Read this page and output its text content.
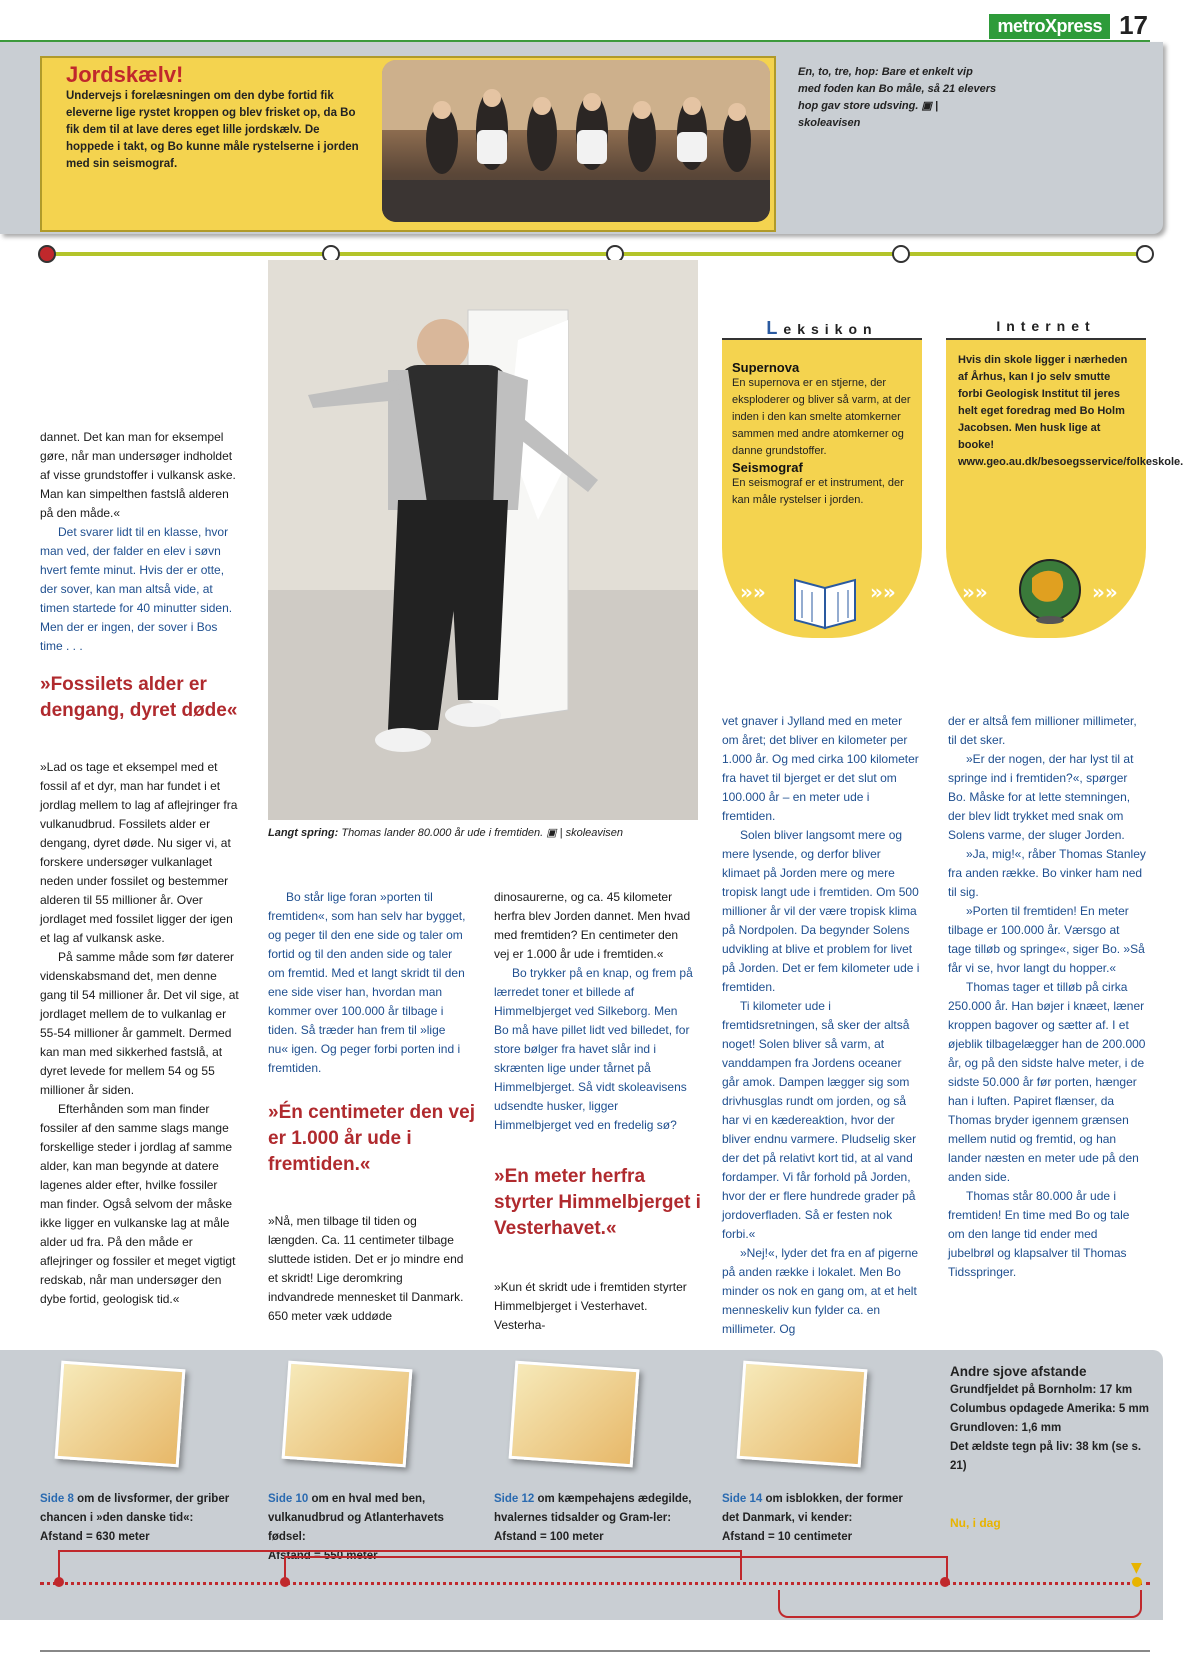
metroXpress 17
Jordskælv!
Undervejs i forelæsningen om den dybe fortid fik eleverne lige rystet kroppen og blev frisket op, da Bo fik dem til at lave deres eget lille jordskælv. De hoppede i takt, og Bo kunne måle rystelserne i jorden med sin seismograf.
En, to, tre, hop: Bare et enkelt vip med foden kan Bo måle, så 21 elevers hop gav store udsving. ▣ | skoleavisen
Langt spring: Thomas lander 80.000 år ude i fremtiden. ▣ | skoleavisen

dannet. Det kan man for eksempel gøre, når man undersøger indholdet af visse grundstoffer i vulkansk aske. Man kan simpelthen fastslå alderen på den måde.«

Det svarer lidt til en klasse, hvor man ved, der falder en elev i søvn hvert femte minut. Hvis der er otte, der sover, kan man altså vide, at timen startede for 40 minutter siden. Men der er ingen, der sover i Bos time . . .

»Fossilets alder er dengang, dyret døde«

»Lad os tage et eksempel med et fossil af et dyr, man har fundet i et jordlag mellem to lag af aflejringer fra vulkanudbrud. Fossilets alder er dengang, dyret døde. Nu siger vi, at forskere undersøger vulkanlaget neden under fossilet og bestemmer alderen til 55 millioner år. Over jordlaget med fossilet ligger der igen et lag af vulkansk aske.

På samme måde som før daterer videnskabsmand det, men denne gang til 54 millioner år. Det vil sige, at jordlaget mellem de to vulkanlag er 55-54 millioner år gammelt. Dermed kan man med sikkerhed fastslå, at dyret levede for mellem 54 og 55 millioner år siden.

Efterhånden som man finder fossiler af den samme slags mange forskellige steder i jordlag af samme alder, kan man begynde at datere lagenes alder efter, hvilke fossiler man finder. Også selvom der måske ikke ligger en vulkanske lag at måle alder ud fra. På den måde er aflejringer og fossiler et meget vigtigt redskab, når man undersøger den dybe fortid, geologisk tid.«

Bo står lige foran »porten til fremtiden«, som han selv har bygget, og peger til den ene side og taler om fortid og til den anden side og taler om fremtid. Med et langt skridt til den ene side viser han, hvordan man kommer over 100.000 år tilbage i tiden. Så træder han frem til »lige nu« igen. Og peger forbi porten ind i fremtiden.

»Én centimeter den vej er 1.000 år ude i fremtiden.«

»Nå, men tilbage til tiden og længden. Ca. 11 centimeter tilbage sluttede istiden. Det er jo mindre end et skridt! Lige deromkring indvandrede mennesket til Danmark. 650 meter væk uddøde

dinosaurerne, og ca. 45 kilometer herfra blev Jorden dannet. Men hvad med fremtiden? En centimeter den vej er 1.000 år ude i fremtiden.«

Bo trykker på en knap, og frem på lærredet toner et billede af Himmelbjerget ved Silkeborg. Men Bo må have pillet lidt ved billedet, for store bølger fra havet slår ind i skrænten lige under tårnet på Himmelbjerget. Så vidt skoleavisens udsendte husker, ligger Himmelbjerget ved en fredelig sø?

»En meter herfra styrter Himmelbjerget i Vesterhavet.«

»Kun ét skridt ude i fremtiden styrter Himmelbjerget i Vesterhavet. Vesterha-

Leksikon
Supernova
En supernova er en stjerne, der eksploderer og bliver så varm, at der inden i den kan smelte atomkerner sammen med andre atomkerner og danne grundstoffer.
Seismograf
En seismograf er et instrument, der kan måle rystelser i jorden.
»»	»»
Internet
Hvis din skole ligger i nærheden af Århus, kan I jo selv smutte forbi Geologisk Institut til jeres helt eget foredrag med Bo Holm Jacobsen. Men husk lige at booke! www.geo.au.dk/besoegsservice/folkeskole.
»»	»»

vet gnaver i Jylland med en meter om året; det bliver en kilometer per 1.000 år. Og med cirka 100 kilometer fra havet til bjerget er det slut om 100.000 år – en meter ude i fremtiden.

Solen bliver langsomt mere og mere lysende, og derfor bliver klimaet på Jorden mere og mere tropisk langt ude i fremtiden. Om 500 millioner år vil der være tropisk klima på Nordpolen. Da begynder Solens udvikling at blive et problem for livet på Jorden. Det er fem kilometer ude i fremtiden.

Ti kilometer ude i fremtidsretningen, så sker der altså noget! Solen bliver så varm, at vanddampen fra Jordens oceaner går amok. Dampen lægger sig som drivhusglas rundt om jorden, og så har vi en kædereaktion, hvor der bliver endnu varmere. Pludselig sker der det på relativt kort tid, at al vand fordamper. Vi får forhold på Jorden, hvor der er flere hundrede grader på jordoverfladen. Så er festen nok forbi.«

»Nej!«, lyder det fra en af pigerne på anden række i lokalet. Men Bo minder os nok en gang om, at et helt menneskeliv kun fylder ca. en millimeter. Og

der er altså fem millioner millimeter, til det sker.

»Er der nogen, der har lyst til at springe ind i fremtiden?«, spørger Bo. Måske for at lette stemningen, der blev lidt trykket med snak om Solens varme, der sluger Jorden.

»Ja, mig!«, råber Thomas Stanley fra anden række. Bo vinker ham ned til sig.

»Porten til fremtiden! En meter tilbage er 100.000 år. Værsgo at tage tilløb og springe«, siger Bo. »Så får vi se, hvor langt du hopper.«

Thomas tager et tilløb på cirka 250.000 år. Han bøjer i knæet, læner kroppen bagover og sætter af. I et øjeblik tilbagelægger han de 200.000 år, og på den sidste halve meter, i de sidste 50.000 år før porten, hænger han i luften. Papiret flænser, da Thomas bryder igennem grænsen mellem nutid og fremtid, og han lander næsten en meter ude på den anden side.

Thomas står 80.000 år ude i fremtiden! En time med Bo og tale om den lange tid ender med jubelbrøl og klapsalver til Thomas Tidsspringer.

Side 8 om de livsformer, der griber chancen i »den danske tid«:
Afstand = 630 meter
Side 10 om en hval med ben, vulkanudbrud og Atlanterhavets fødsel:
Afstand = 550 meter
Side 12 om kæmpehajens ædegilde, hvalernes tidsalder og Gram-ler:
Afstand = 100 meter
Side 14 om isblokken, der former det Danmark, vi kender:
Afstand = 10 centimeter
Andre sjove afstande
Grundfjeldet på Bornholm: 17 km
Columbus opdagede Amerika: 5 mm
Grundloven: 1,6 mm
Det ældste tegn på liv: 38 km (se s. 21)
Nu, i dag
▼
